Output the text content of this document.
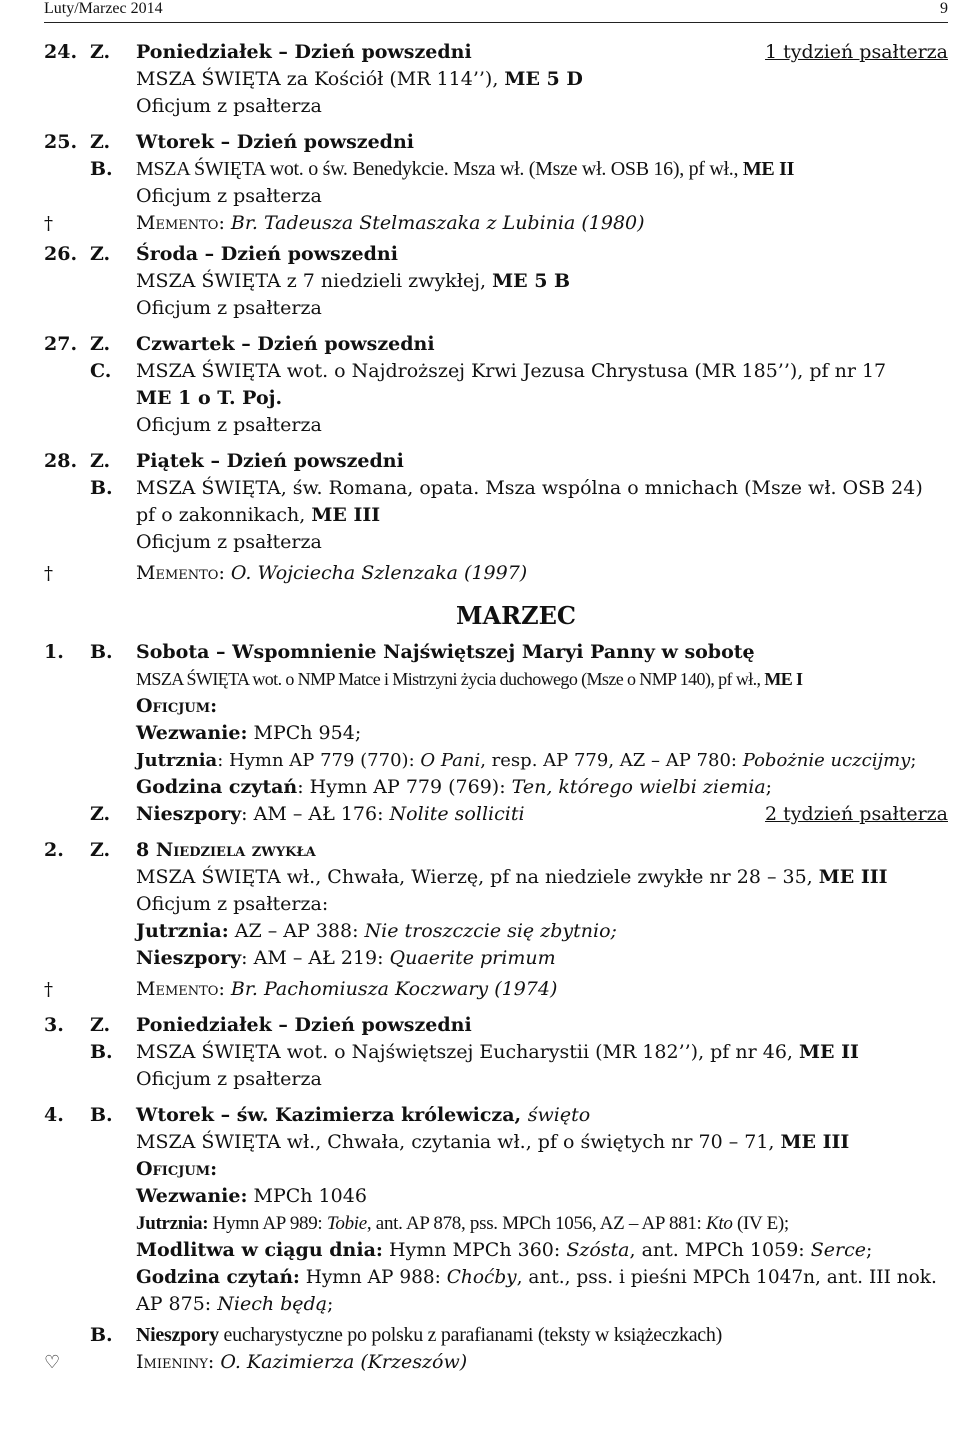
Luty/Marzec 2014	9
24. Z.	Poniedziałek – Dzień powszedni	1 tydzień psałterza
MSZA ŚWIĘTA za Kościół (MR 114’’), ME 5 D
Oficjum z psałterza
25. Z.	Wtorek – Dzień powszedni
B.	MSZA ŚWIĘTA wot. o św. Benedykcie. Msza wł. (Msze wł. OSB 16), pf wł., ME II
Oficjum z psałterza
†	Memento: Br. Tadeusza Stelmaszaka z Lubinia (1980)
26. Z.	Środa – Dzień powszedni
MSZA ŚWIĘTA z 7 niedzieli zwykłej, ME 5 B
Oficjum z psałterza
27. Z.	Czwartek – Dzień powszedni
C.	MSZA ŚWIĘTA wot. o Najdroższej Krwi Jezusa Chrystusa (MR 185’’), pf nr 17
ME 1 o T. Poj.
Oficjum z psałterza
28. Z.	Piątek – Dzień powszedni
B.	MSZA ŚWIĘTA, św. Romana, opata. Msza wspólna o mnichach (Msze wł. OSB 24)
pf o zakonnikach, ME III
Oficjum z psałterza
†	Memento: O. Wojciecha Szlenzaka (1997)
MARZEC
1.	B.	Sobota – Wspomnienie Najświętszej Maryi Panny w sobotę
MSZA ŚWIĘTA wot. o NMP Matce i Mistrzyni życia duchowego (Msze o NMP 140), pf wł., ME I
Oficjum:
Wezwanie: MPCh 954;
Jutrznia: Hymn AP 779 (770): O Pani, resp. AP 779, AZ – AP 780: Pobożnie uczcijmy;
Godzina czytań: Hymn AP 779 (769): Ten, którego wielbi ziemia;
Z.	Nieszpory: AM – AŁ 176: Nolite solliciti	2 tydzień psałterza
2.	Z.	8 Niedziela zwykła
MSZA ŚWIĘTA wł., Chwała, Wierzę, pf na niedziele zwykłe nr 28 – 35, ME III
Oficjum z psałterza:
Jutrznia: AZ – AP 388: Nie troszczcie się zbytnio;
Nieszpory: AM – AŁ 219: Quaerite primum
†	Memento: Br. Pachomiusza Koczwary (1974)
3.	Z.	Poniedziałek – Dzień powszedni
B.	MSZA ŚWIĘTA wot. o Najświętszej Eucharystii (MR 182’’), pf nr 46, ME II
Oficjum z psałterza
4.	B.	Wtorek – św. Kazimierza królewicza, święto
MSZA ŚWIĘTA wł., Chwała, czytania wł., pf o świętych nr 70 – 71, ME III
Oficjum:
Wezwanie: MPCh 1046
Jutrznia: Hymn AP 989: Tobie, ant. AP 878, pss. MPCh 1056, AZ – AP 881: Kto (IV E);
Modlitwa w ciągu dnia: Hymn MPCh 360: Szósta, ant. MPCh 1059: Serce;
Godzina czytań: Hymn AP 988: Choćby, ant., pss. i pieśni MPCh 1047n, ant. III nok.
AP 875: Niech będą;
B.	Nieszpory eucharystyczne po polsku z parafianami (teksty w książeczkach)
♡	Imieniny: O. Kazimierza (Krzeszów)
